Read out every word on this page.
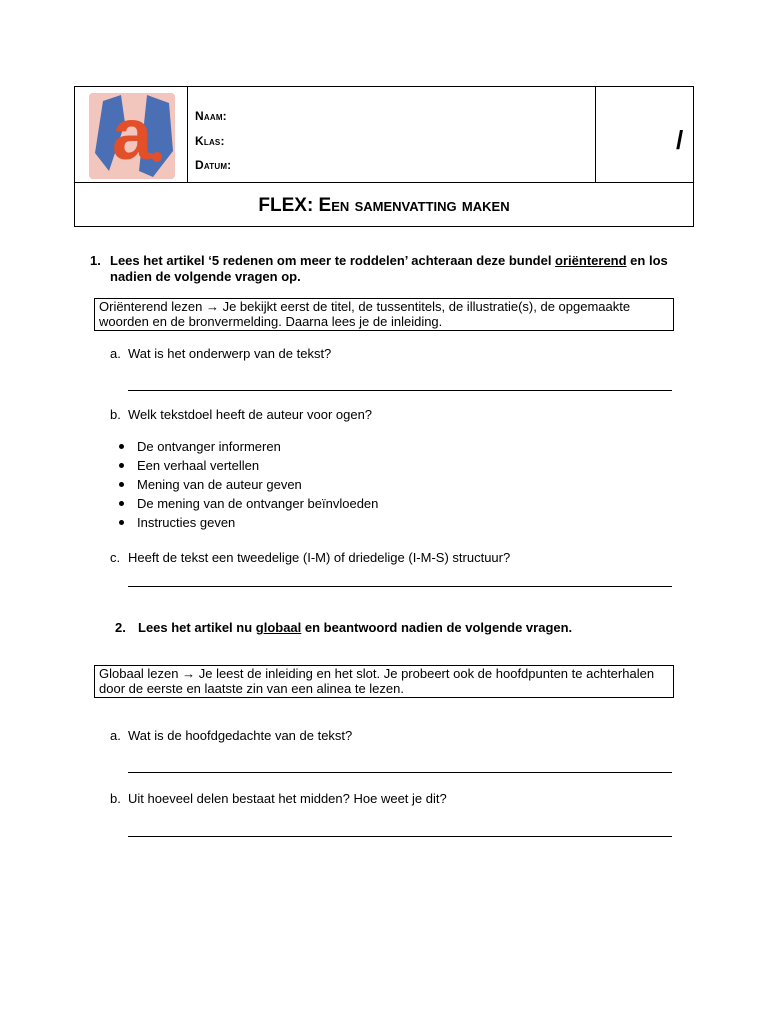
a	Naam:
Klas:
Datum:
/
FLEX: Een samenvatting maken
1. Lees het artikel ‘5 redenen om meer te roddelen’ achteraan deze bundel oriënterend en los nadien de volgende vragen op.
Oriënterend lezen → Je bekijkt eerst de titel, de tussentitels, de illustratie(s), de opgemaakte woorden en de bronvermelding. Daarna lees je de inleiding.
a. Wat is het onderwerp van de tekst?
b. Welk tekstdoel heeft de auteur voor ogen?
De ontvanger informeren
Een verhaal vertellen
Mening van de auteur geven
De mening van de ontvanger beïnvloeden
Instructies geven
c. Heeft de tekst een tweedelige (I-M) of driedelige (I-M-S) structuur?
2. Lees het artikel nu globaal en beantwoord nadien de volgende vragen.
Globaal lezen → Je leest de inleiding en het slot. Je probeert ook de hoofdpunten te achterhalen door de eerste en laatste zin van een alinea te lezen.
a. Wat is de hoofdgedachte van de tekst?
b. Uit hoeveel delen bestaat het midden? Hoe weet je dit?
